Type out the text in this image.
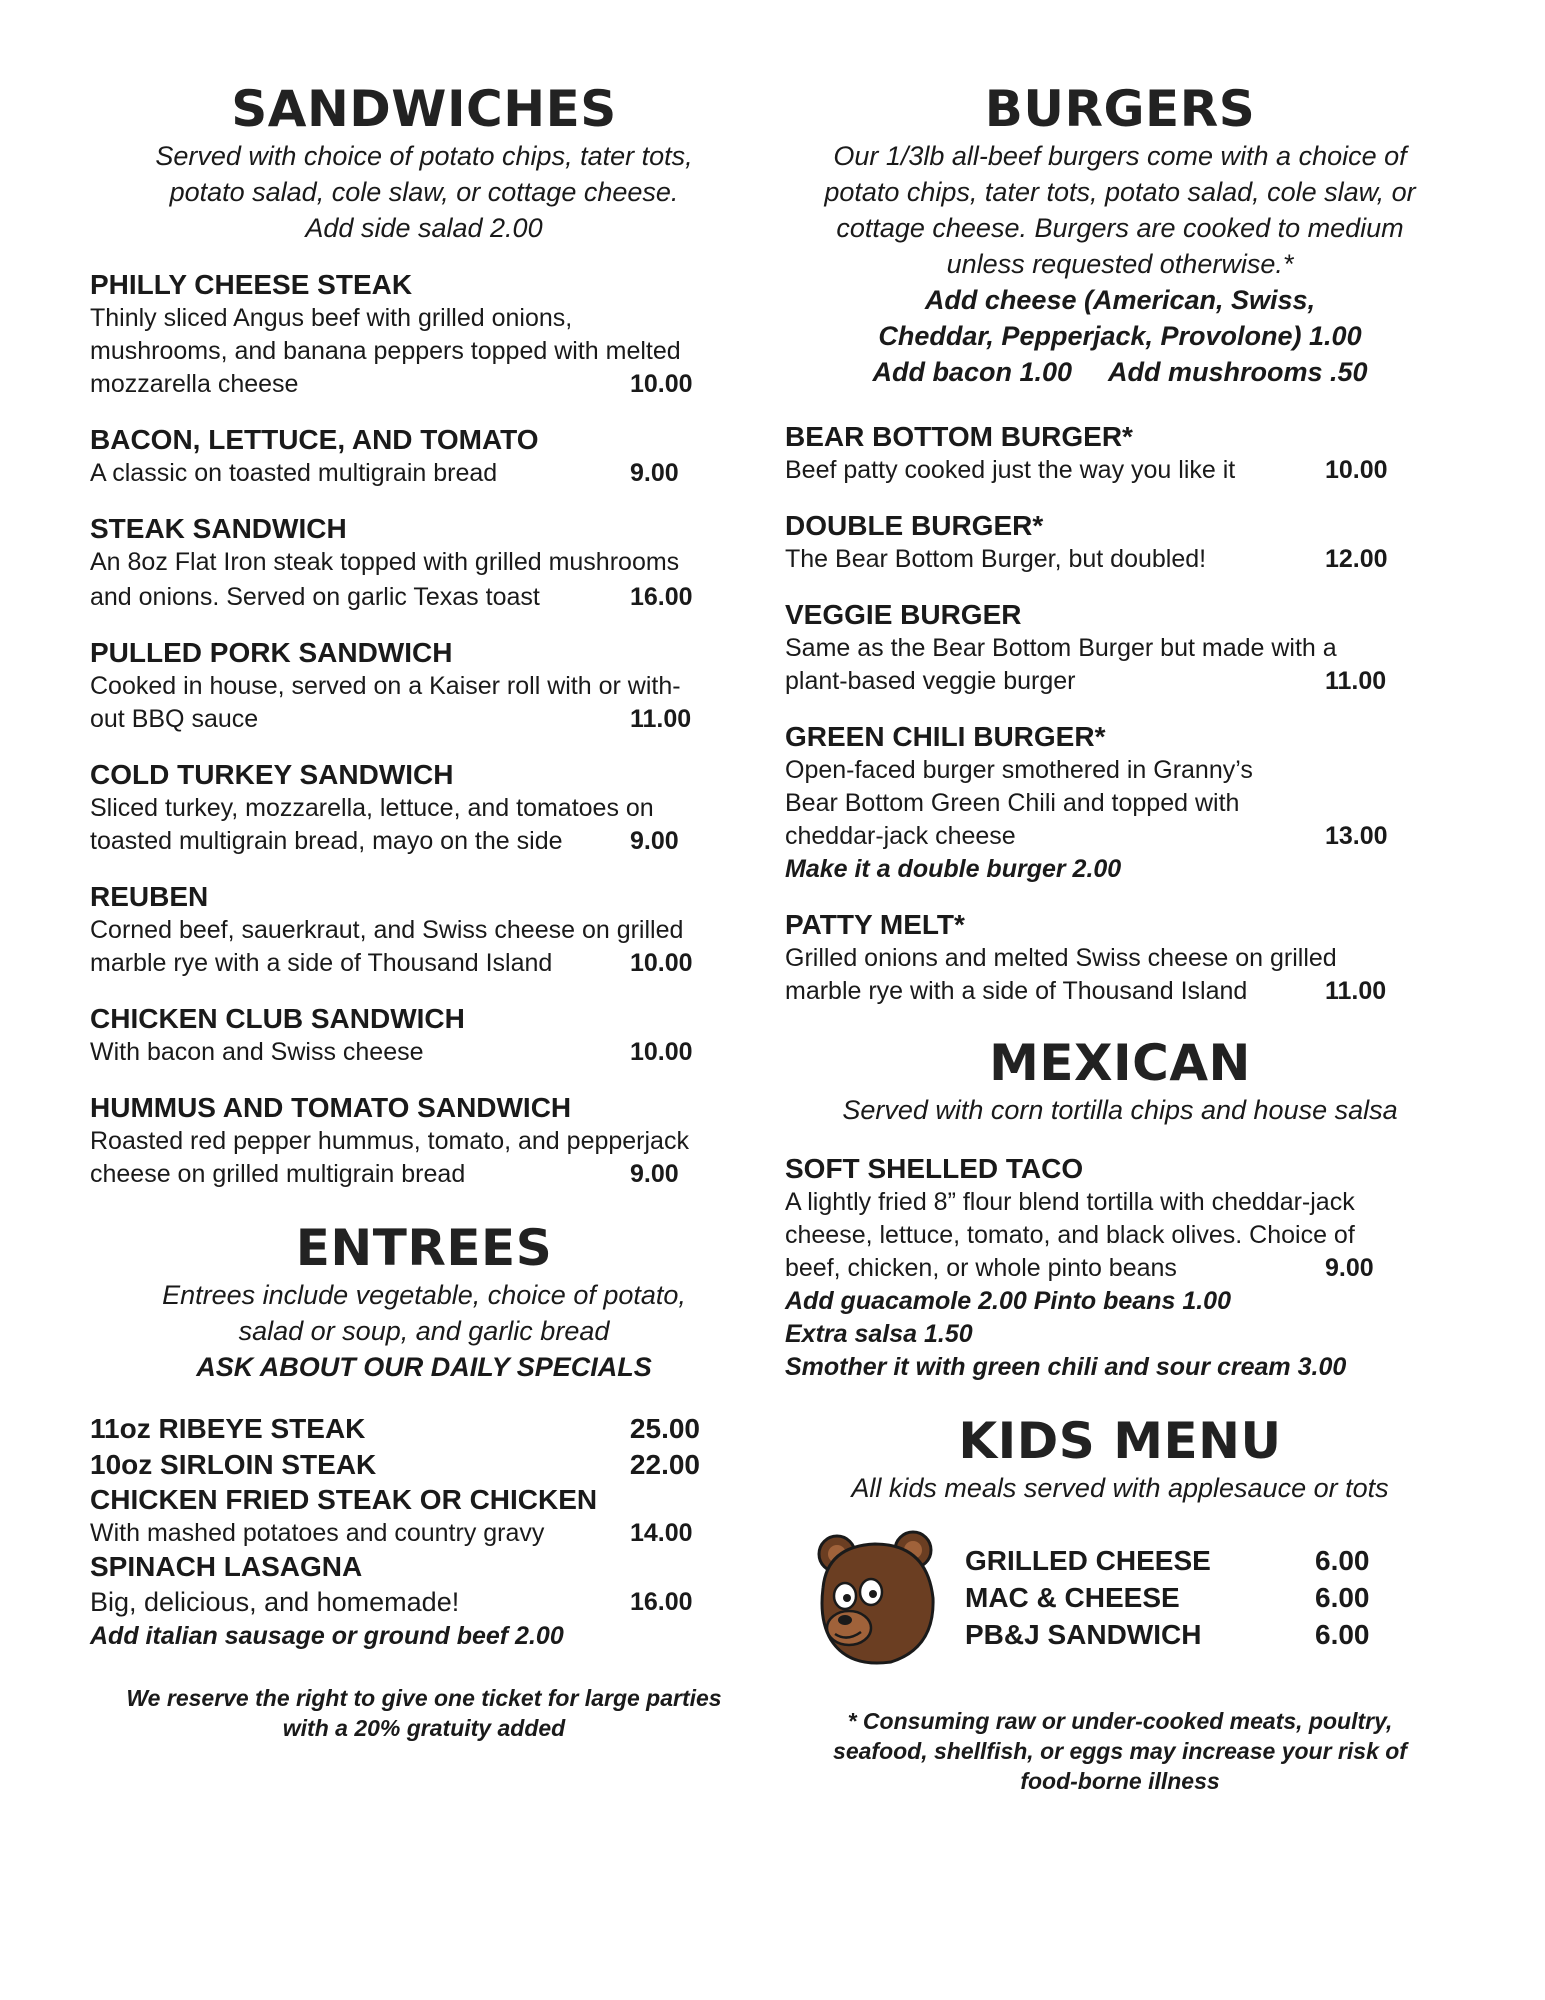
SANDWICHES
Served with choice of potato chips, tater tots,
potato salad, cole slaw, or cottage cheese.
Add side salad 2.00
PHILLY CHEESE STEAK
Thinly sliced Angus beef with grilled onions,
mushrooms, and banana peppers topped with melted
mozzarella cheese	10.00
BACON, LETTUCE, AND TOMATO
A classic on toasted multigrain bread	9.00
STEAK SANDWICH
An 8oz Flat Iron steak topped with grilled mushrooms
and onions. Served on garlic Texas toast	16.00
PULLED PORK SANDWICH
Cooked in house, served on a Kaiser roll with or with-
out BBQ sauce	11.00
COLD TURKEY SANDWICH
Sliced turkey, mozzarella, lettuce, and tomatoes on
toasted multigrain bread, mayo on the side	9.00
REUBEN
Corned beef, sauerkraut, and Swiss cheese on grilled
marble rye with a side of Thousand Island	10.00
CHICKEN CLUB SANDWICH
With bacon and Swiss cheese	10.00
HUMMUS AND TOMATO SANDWICH
Roasted red pepper hummus, tomato, and pepperjack
cheese on grilled multigrain bread	9.00
ENTREES
Entrees include vegetable, choice of potato,
salad or soup, and garlic bread
ASK ABOUT OUR DAILY SPECIALS
11oz RIBEYE STEAK	25.00
10oz SIRLOIN STEAK	22.00
CHICKEN FRIED STEAK OR CHICKEN
With mashed potatoes and country gravy	14.00
SPINACH LASAGNA
Big, delicious, and homemade!	16.00
Add italian sausage or ground beef 2.00
We reserve the right to give one ticket for large parties
with a 20% gratuity added
BURGERS
Our 1/3lb all-beef burgers come with a choice of
potato chips, tater tots, potato salad, cole slaw, or
cottage cheese. Burgers are cooked to medium
unless requested otherwise.*
Add cheese (American, Swiss,
Cheddar, Pepperjack, Provolone) 1.00
Add bacon 1.00 Add mushrooms .50
BEAR BOTTOM BURGER*
Beef patty cooked just the way you like it	10.00
DOUBLE BURGER*
The Bear Bottom Burger, but doubled!	12.00
VEGGIE BURGER
Same as the Bear Bottom Burger but made with a
plant-based veggie burger	11.00
GREEN CHILI BURGER*
Open-faced burger smothered in Granny’s
Bear Bottom Green Chili and topped with
cheddar-jack cheese	13.00
Make it a double burger 2.00
PATTY MELT*
Grilled onions and melted Swiss cheese on grilled
marble rye with a side of Thousand Island	11.00
MEXICAN
Served with corn tortilla chips and house salsa
SOFT SHELLED TACO
A lightly fried 8” flour blend tortilla with cheddar-jack
cheese, lettuce, tomato, and black olives. Choice of
beef, chicken, or whole pinto beans	9.00
Add guacamole 2.00 Pinto beans 1.00
Extra salsa 1.50
Smother it with green chili and sour cream 3.00
KIDS MENU
All kids meals served with applesauce or tots
GRILLED CHEESE	6.00
MAC & CHEESE	6.00
PB&J SANDWICH	6.00
* Consuming raw or under-cooked meats, poultry,
seafood, shellfish, or eggs may increase your risk of
food-borne illness
